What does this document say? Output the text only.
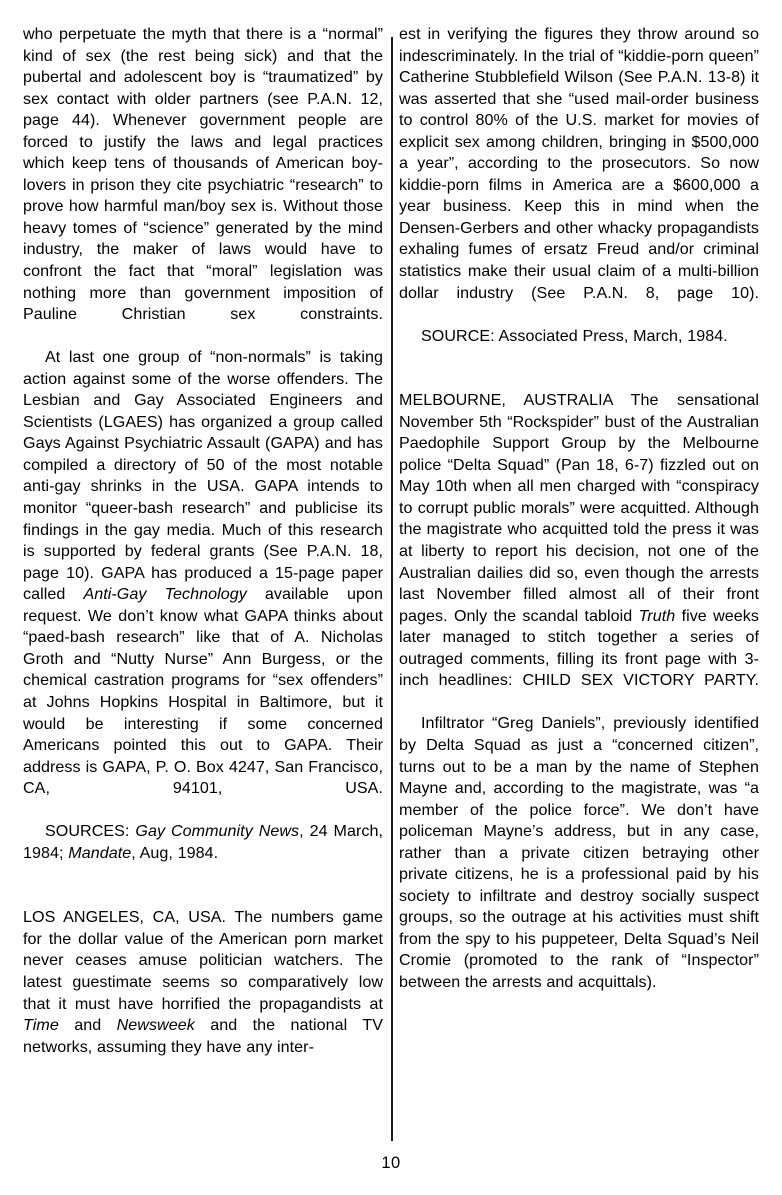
who perpetuate the myth that there is a “normal” kind of sex (the rest being sick) and that the pubertal and adolescent boy is “traumatized” by sex contact with older partners (see P.A.N. 12, page 44). Whenever government people are forced to justify the laws and legal practices which keep tens of thousands of American boy-lovers in prison they cite psychiatric “research” to prove how harmful man/boy sex is. Without those heavy tomes of “science” generated by the mind industry, the maker of laws would have to confront the fact that “moral” legislation was nothing more than government imposition of Pauline Christian sex constraints.

At last one group of “non-normals” is taking action against some of the worse offenders. The Lesbian and Gay Associated Engineers and Scientists (LGAES) has organized a group called Gays Against Psychiatric Assault (GAPA) and has compiled a directory of 50 of the most notable anti-gay shrinks in the USA. GAPA intends to monitor “queer-bash research” and publicise its findings in the gay media. Much of this research is supported by federal grants (See P.A.N. 18, page 10). GAPA has produced a 15-page paper called Anti-Gay Technology available upon request. We don’t know what GAPA thinks about “paed-bash research” like that of A. Nicholas Groth and “Nutty Nurse” Ann Burgess, or the chemical castration programs for “sex offenders” at Johns Hopkins Hospital in Baltimore, but it would be interesting if some concerned Americans pointed this out to GAPA. Their address is GAPA, P. O. Box 4247, San Francisco, CA, 94101, USA.

SOURCES: Gay Community News, 24 March, 1984; Mandate, Aug, 1984.

LOS ANGELES, CA, USA. The numbers game for the dollar value of the American porn market never ceases amuse politician watchers. The latest guestimate seems so comparatively low that it must have horrified the propagandists at Time and Newsweek and the national TV networks, assuming they have any inter-

est in verifying the figures they throw around so indescriminately. In the trial of “kiddie-porn queen” Catherine Stubblefield Wilson (See P.A.N. 13-8) it was asserted that she “used mail-order business to control 80% of the U.S. market for movies of explicit sex among children, bringing in $500,000 a year”, according to the prosecutors. So now kiddie-porn films in America are a $600,000 a year business. Keep this in mind when the Densen-Gerbers and other whacky propagandists exhaling fumes of ersatz Freud and/or criminal statistics make their usual claim of a multi-billion dollar industry (See P.A.N. 8, page 10).

SOURCE: Associated Press, March, 1984.

MELBOURNE, AUSTRALIA The sensational November 5th “Rockspider” bust of the Australian Paedophile Support Group by the Melbourne police “Delta Squad” (Pan 18, 6-7) fizzled out on May 10th when all men charged with “conspiracy to corrupt public morals” were acquitted. Although the magistrate who acquitted told the press it was at liberty to report his decision, not one of the Australian dailies did so, even though the arrests last November filled almost all of their front pages. Only the scandal tabloid Truth five weeks later managed to stitch together a series of outraged comments, filling its front page with 3-inch headlines: CHILD SEX VICTORY PARTY.

Infiltrator “Greg Daniels”, previously identified by Delta Squad as just a “concerned citizen”, turns out to be a man by the name of Stephen Mayne and, according to the magistrate, was “a member of the police force”. We don’t have policeman Mayne’s address, but in any case, rather than a private citizen betraying other private citizens, he is a professional paid by his society to infiltrate and destroy socially suspect groups, so the outrage at his activities must shift from the spy to his puppeteer, Delta Squad’s Neil Cromie (promoted to the rank of “Inspector” between the arrests and acquittals).

10
